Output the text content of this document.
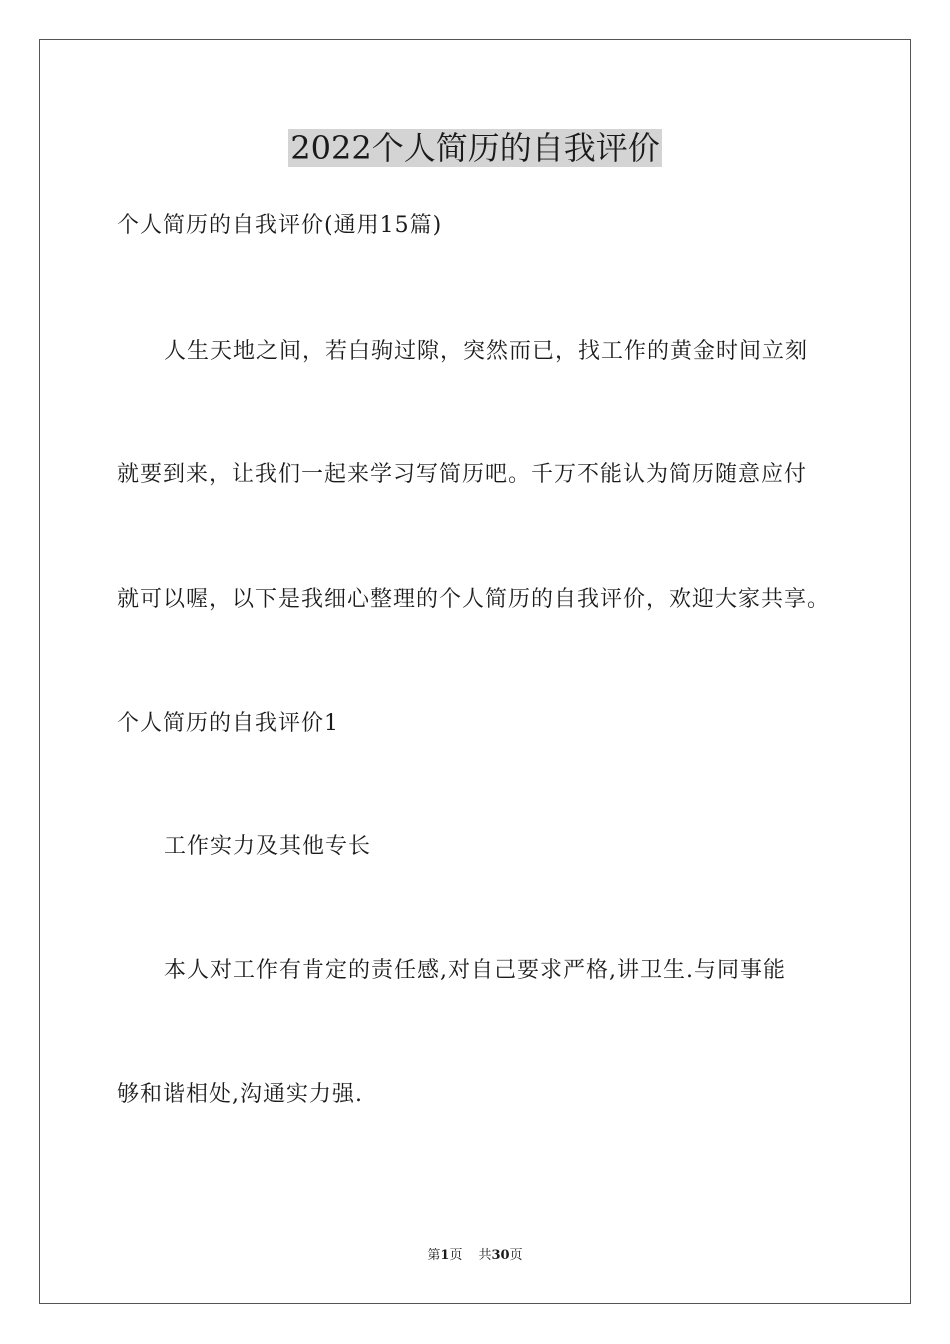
2022个人简历的自我评价
个人简历的自我评价(通用15篇)
人生天地之间，若白驹过隙，突然而已，找工作的黄金时间立刻
就要到来，让我们一起来学习写简历吧。千万不能认为简历随意应付
就可以喔，以下是我细心整理的个人简历的自我评价，欢迎大家共享。
个人简历的自我评价1
工作实力及其他专长
本人对工作有肯定的责任感,对自己要求严格,讲卫生.与同事能
够和谐相处,沟通实力强.
第1页 共30页
